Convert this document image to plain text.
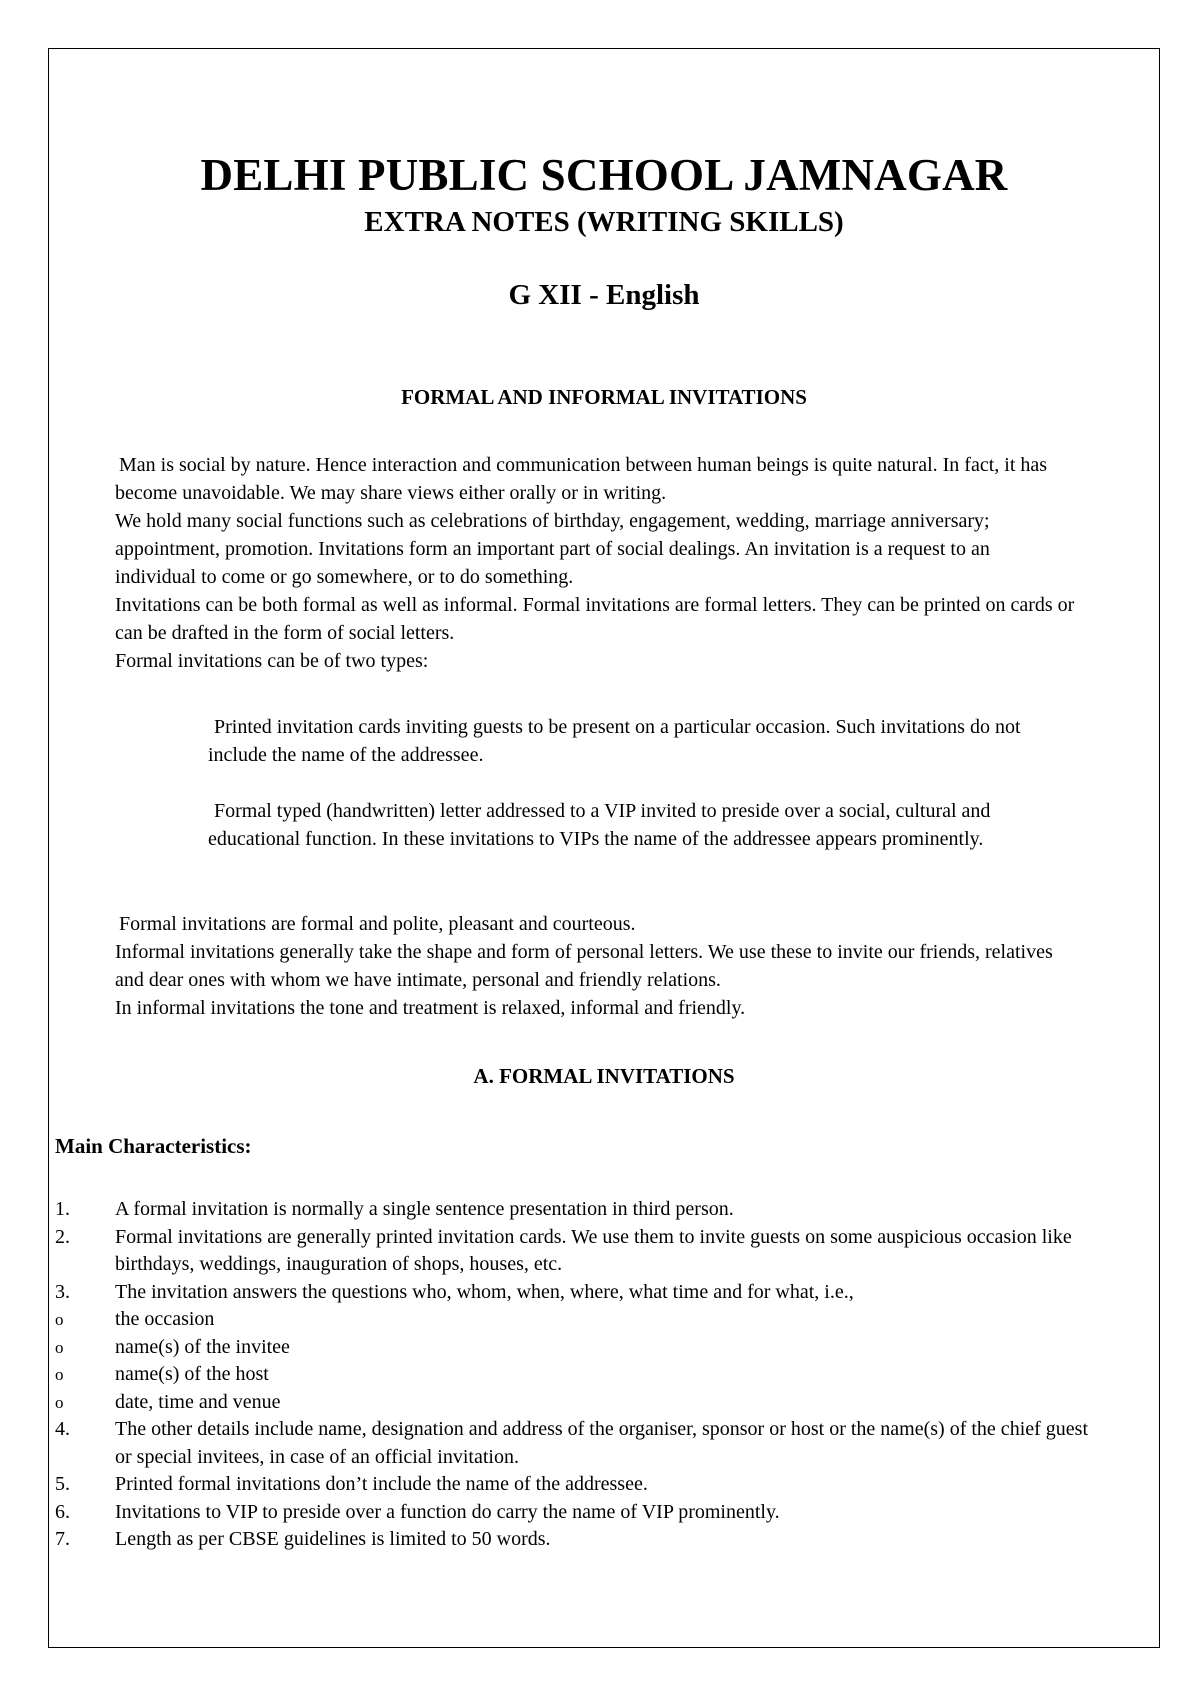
DELHI PUBLIC SCHOOL JAMNAGAR
EXTRA NOTES (WRITING SKILLS)
G XII - English
FORMAL AND INFORMAL INVITATIONS

Man is social by nature. Hence interaction and communication between human beings is quite natural. In fact, it has become unavoidable. We may share views either orally or in writing.

We hold many social functions such as celebrations of birthday, engagement, wedding, marriage anniversary; appointment, promotion. Invitations form an important part of social dealings. An invitation is a request to an individual to come or go somewhere, or to do something.

Invitations can be both formal as well as informal. Formal invitations are formal letters. They can be printed on cards or can be drafted in the form of social letters.

Formal invitations can be of two types:

Printed invitation cards inviting guests to be present on a particular occasion. Such invitations do not include the name of the addressee.

Formal typed (handwritten) letter addressed to a VIP invited to preside over a social, cultural and educational function. In these invitations to VIPs the name of the addressee appears prominently.

Formal invitations are formal and polite, pleasant and courteous.

Informal invitations generally take the shape and form of personal letters. We use these to invite our friends, relatives and dear ones with whom we have intimate, personal and friendly relations.

In informal invitations the tone and treatment is relaxed, informal and friendly.

A. FORMAL INVITATIONS
Main Characteristics:
1.	A formal invitation is normally a single sentence presentation in third person.
2.	Formal invitations are generally printed invitation cards. We use them to invite guests on some auspicious occasion like birthdays, weddings, inauguration of shops, houses, etc.
3.	The invitation answers the questions who, whom, when, where, what time and for what, i.e.,
o	the occasion
o	name(s) of the invitee
o	name(s) of the host
o	date, time and venue
4.	The other details include name, designation and address of the organiser, sponsor or host or the name(s) of the chief guest or special invitees, in case of an official invitation.
5.	Printed formal invitations don’t include the name of the addressee.
6.	Invitations to VIP to preside over a function do carry the name of VIP prominently.
7.	Length as per CBSE guidelines is limited to 50 words.
